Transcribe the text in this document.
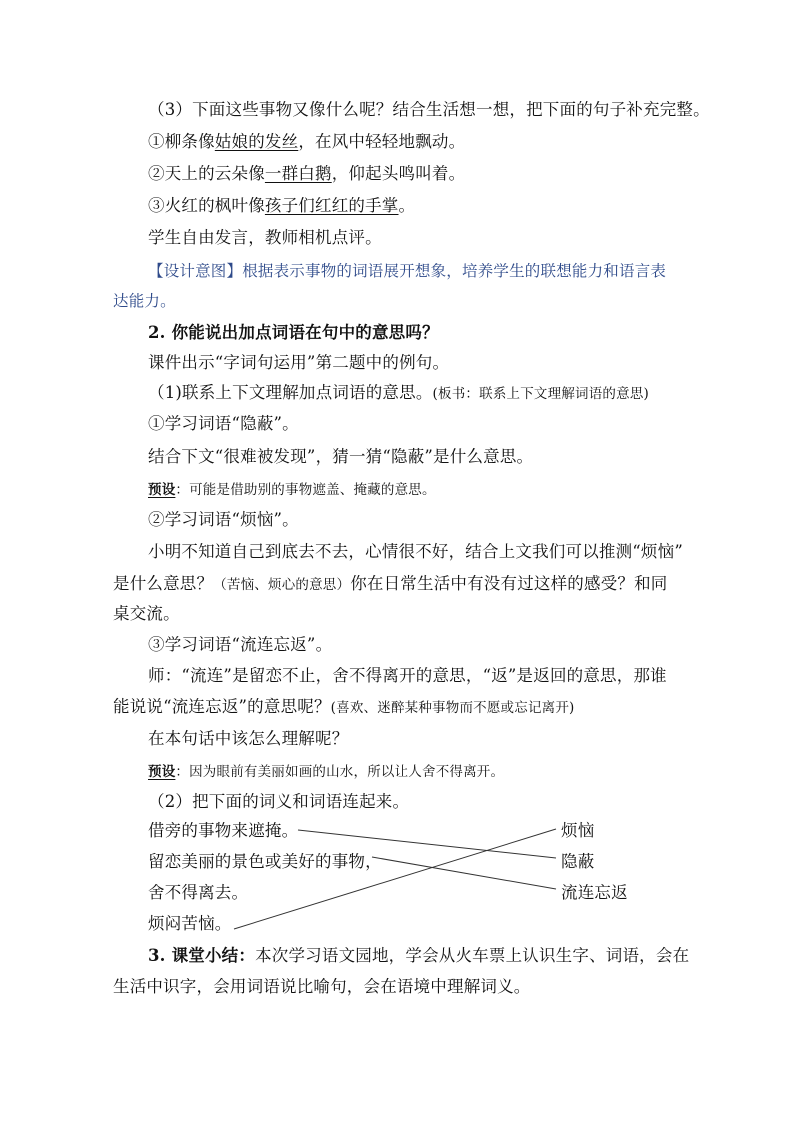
（3）下面这些事物又像什么呢？结合生活想一想，把下面的句子补充完整。
①柳条像姑娘的发丝，在风中轻轻地飘动。
②天上的云朵像一群白鹅，仰起头鸣叫着。
③火红的枫叶像孩子们红红的手掌。
学生自由发言，教师相机点评。
【设计意图】根据表示事物的词语展开想象，培养学生的联想能力和语言表
达能力。
2. 你能说出加点词语在句中的意思吗？
课件出示“字词句运用”第二题中的例句。
（1)联系上下文理解加点词语的意思。(板书：联系上下文理解词语的意思)
①学习词语“隐蔽”。
结合下文“很难被发现”，猜一猜“隐蔽”是什么意思。
预设：可能是借助别的事物遮盖、掩藏的意思。
②学习词语“烦恼”。
小明不知道自己到底去不去，心情很不好，结合上文我们可以推测“烦恼”
是什么意思？（苦恼、烦心的意思）你在日常生活中有没有过这样的感受？和同
桌交流。
③学习词语“流连忘返”。
师：“流连”是留恋不止，舍不得离开的意思，“返”是返回的意思，那谁
能说说“流连忘返”的意思呢？(喜欢、迷醉某种事物而不愿或忘记离开)
在本句话中该怎么理解呢？
预设：因为眼前有美丽如画的山水，所以让人舍不得离开。
（2）把下面的词义和词语连起来。
借旁的事物来遮掩。
留恋美丽的景色或美好的事物，
舍不得离去。
烦闷苦恼。
烦恼
隐蔽
流连忘返
3. 课堂小结：本次学习语文园地，学会从火车票上认识生字、词语，会在
生活中识字，会用词语说比喻句，会在语境中理解词义。
